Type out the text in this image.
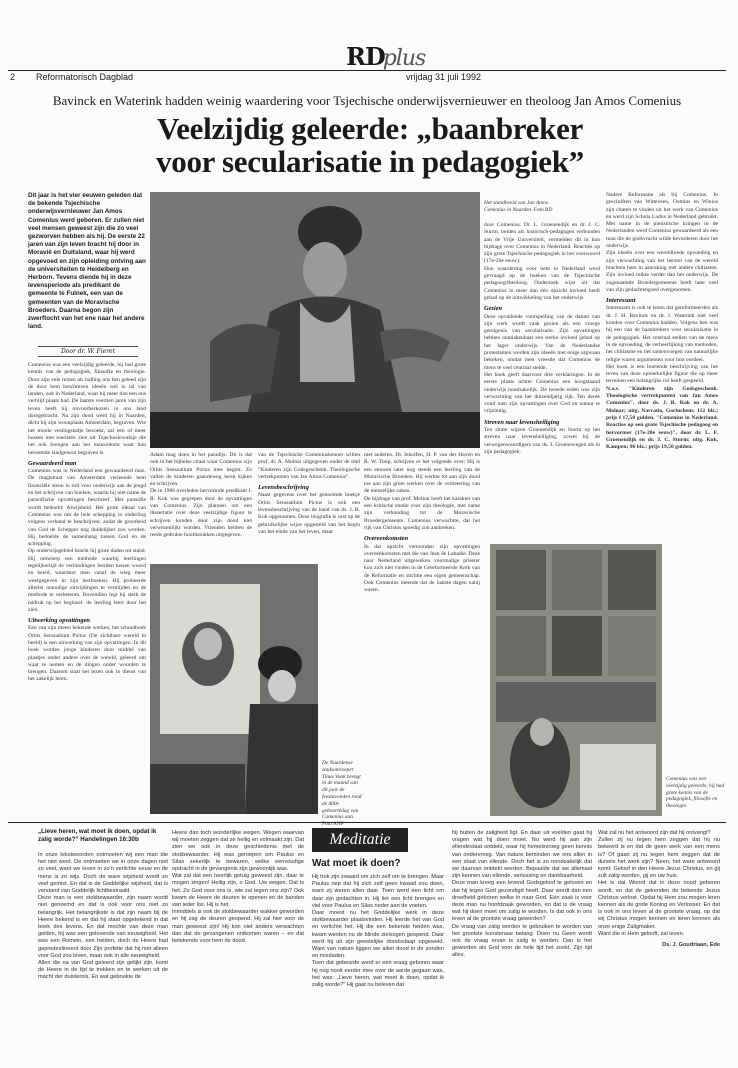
RDplus
2 Reformatorisch Dagblad	vrijdag 31 juli 1992
Bavinck en Waterink hadden weinig waardering voor Tsjechische onderwijsvernieuwer en theoloog Jan Amos Comenius
Veelzijdig geleerde: „baanbreker
voor secularisatie in pedagogiek”
Dit jaar is het vier eeuwen geleden dat de bekende Tsjechische onderwijsvernieuwer Jan Amos Comenius werd geboren. Er zullen niet veel mensen geweest zijn die zo veel gezworven hebben als hij. De eerste 22 jaren van zijn leven bracht hij door in Moravië en Duitsland, waar hij werd opgevoed en zijn opleiding ontving aan de universiteiten te Heidelberg en Herborn. Tevens diende hij in deze levensperiode als predikant de gemeente te Fulnek, een van de gemeenten van de Moravische Broeders. Daarna begon zijn zwerftocht van het ene naar het andere land.
Door dr. W. Fieret
Het standbeeld van Jan Amos Comenius in Naarden. Foto RD

Comenius was een veelzijdig geleerde, hij had grote kennis van de pedagogiek, filosofie en theologie. Door zijn vele reizen als balling ons ben geleed zijn de door hem beschreven ideeën wel in tal van landen, ook in Nederland, waar hij meer dan een ons verblijf plaats had. De laatste veertien jaren van zijn leven heeft hij onvoorberkozen in ons land doorgebracht. Na zijn dood werd hij in Naarden, dicht bij zijn woonplaats Amsterdam, begraven. Wie het mooie vestingstadje bezoekt, zal een of meer bussen met toeristen zien uit Tsjechoslowakije die het ook brengen aan het mausoleum waar hun beroemde landgenoot begraven is.

Gewaardeerd man

Comenius was in Nederland een gewaardeerd man. De magistraat van Amsterdam verleende hem financiële steun in ruil voor onderwijs aan de jeugd en het schrijven van boeken, waarin hij niet name de pansofische opvattingen beschreef. Met pansofie wordt bedoeld: Alwijsheid. Het grote ideaal van Comenius was om de hele schepping in onderling volgens verband te beschrijven, zodat de grootheid van God de Schepper nog duidelijker zou worden. Hij bedoelde de samenhang tussen God en de schepping.

Op onderwijsgebied bracht hij grote daden tot stand. Hij ontwierp een methode waarbij leerlingen tegelijkertijd de verbindingen leerden tussen woord en beeld, waardoor men vanaf de wieg meer weergegeven in zijn leerboeken. Hij probeerde allerlei onnodige uitwijdingen te vermijden en de methode te verbeteren. Bovendien legt hij sterk de nadruk op het beginsel: de leerling leert door het zien.

Uitwerking opvattingen

Een van zijn meest bekende werken, het schoolboek Orbis Sensualium Pictus (De zichtbare wereld in beeld) is een uitwerking van zijn opvattingen. In dit boek worden jonge kinderen door middel van plaatjes onder andere over de wereld, geleerd om waar te nemen en de dingen onder woorden te brengen. Daarom staat het lezen ook in dienst van het zakelijk leren.

Adam mag doen in het paradijs. Dit is dat ook in het bijbelse citaat waar Comenius zijn Orbis Sensualium Pictus mee begint. Zo vallen de kinderen gaandeweg leren kijken en schrijven.

De in 1986 overleden hervormde predikant J. R. Kok was gegrepen door de opvattingen van Comenius. Zijn plannen om een dissertatie over deze veelzijdige figuur te schrijven konden door zijn dood niet verwezenlijkt worden. Vrienden hebben de reeds gedrukte hoofdstukken uitgegeven.

van de Tsjechische Comeniuskenner willen prof. dr. A. Molnar uitgegeven onder de titel "Kinderen zijn Godsgeschenk. Theologische vertrekpunten van Jan Amos Comenius".

Levensbeschrijving

Naast gegevens over het genoemde boekje Orbis Sensualium Pictus is ook een levensbeschrijving van de hand van ds. J. R. Kok opgenomen. Deze biografie is rust op de gebruikelijke wijze opgesteld van het begin van het einde van het leven, maar

met anderen. Dr. Iekolfen, H. P. van der Haven en R. W. Toop, schrijven er het volgende over: Hij is een eeuwen later nog steeds een leerling van de Moravische Broeders. Hij werkte tot aan zijn dood toe aan zijn grote werken over de verbetering van de menselijke zaken.

De bijdrage van prof. Molnar heeft het karakter van een kritische studie over zijn theologie, met name zijn verhouding tot de Moravische Broedergemeente. Comenius verwachtte, dat het rijk van Christus spoedig zou aanbreken.

Overeenkomsten

In dat opzicht vertoonden zijn opvattingen overeenkomsten met die van Jean de Labadie. Deze naar Nederland uitgeweken voormalige priester kon zich niet vinden in de Gereformeerde Kerk van de Reformatie en stichtte een eigen gemeenschap. Ook Comenius meende dat de laatste dagen nabij waren.

De Naardense stadsomroeper Tinus Vonk brengt in de maand van dit jaar de feestavonden rond de 400e geboortedag van Comenius aan. Foto ANP

door Comenius. Dr. L. Groenendijk en dr. J. C. Sturm, beiden als historisch-pedagogen verbonden aan de Vrije Universiteit, vermelden dit in hun bijdrage over Comenius in Nederland. Reacties op zijn grote Tsjechische pedagogiek in het voorwoord (17e-20e eeuw).

Hun waardering voor hem in Nederland werd gevraagd op de boeken van de Tsjechische pedagoog/theoloog. Onderzoek wijst uit dat Comenius in meer dan één opzicht invloed heeft gehad op de ontwikkeling van het onderwijs.

Gezien

Deze opvallende voorspelling van de datum van zijn werk wordt vaak gezien als een vroege getuigenis van secularisatie. Zijn opvattingen hebben onmiskenbaar een sterke invloed gehad op het lager onderwijs. Van de Nederlandse protestanten werden zijn ideeën met enige argwaan bekeken, omdat men vreesde dat Comenius de mens te veel centraal stelde.

Het boek geeft daarvoor drie verklaringen. In de eerste plaats achtte Comenius een hoogstaand onderwijs noodzakelijk. De tweede reden was zijn verwachting van het duizendjarig rijk. Ten derde vond men zijn opvattingen over God en natuur te vrijzinnig.

Streven naar levensheiliging

Ten slotte wijzen Groenendijk en Sturm op het streven naar levensheiliging, zowel bij de verwegenwoordigers van ds. J. Groenewegen als in zijn pedagogiek.

Nadere Reformatie als bij Comenius. In geschriften van Witteveen, Oomius en Winius zijn citaten te vinden uit het werk van Comenius en werd zijn Schola Ludus in Nederland gebruikt. Met name in de pietistische kringen in de Nederlanden werd Comenius gewaardeerd als een man die de godsvrucht wilde bevorderen door het onderwijs.

Zijn ideeën over een wereldbrede opvoeding en zijn verwachting van het herstel van de wereld brachten hem in aanraking met andere chiliasten. Zijn invloed reikte verder dan het onderwijs. De zogenaamde Broedergemeente heeft later veel van zijn gedachtengoed overgenomen.

Interessant

Interessant is ook te lezen dat gereformeerden als dr. J. H. Bavinck en dr. J. Waterink niet veel konden voor Comenius hadden. Volgens hen was hij een van de baanbrekers voor secularisatie in de pedagogiek. Het centraal stellen van de mens in de opvoeding, de verheerlijking van methoden, het chiliasme en het samenvoegen van natuurlijke religie waren argumenten voor hun oordeel.

Het boek is een boeiende beschrijving van het leven van deze opmerkelijke figuur die op meer terreinen een belangrijke rol heeft gespeeld.

N.a.v. "Kinderen zijn Godsgeschenk. Theologische vertrekpunten van Jan Amos Comenius", door ds. J. R. Kok en dr. A. Molnar; uitg. Narratio, Gorinchem; 112 blz.; prijs f 17,50 gulden. "Comenius in Nederland. Reacties op een grote Tsjechische pedagoog en hervormer (17e-20e eeuw)", door dr. L. F. Groenendijk en dr. J. C. Sturm; uitg. Kok, Kampen; 96 blz.; prijs 19,50 gulden.

Comenius was een veelzijdig geleerde, hij had grote kennis van de pedagogiek, filosofie en theologie.
„Lieve heren, wat moet ik doen, opdat ik zalig worde?” Handelingen 16:30b	Meditatie
Wat moet ik doen?

In onze tekstwoorden ontmoeten wij een man die het niet weet. De ontmoeten we in onze dagen niet zo veel, want we leven in zo'n verlichte eeuw en de mens is zo wijs. Doch de ware wijsheid wordt zo veel gemist. En dat is de Goddelijke wijsheid, dat is verstand van Goddelijk lichtbestraald.

Deze man is een stokbewaarder, zijn naam wordt niet genoemd en dat is ook voor ons niet zo belangrijk. Het belangrijkste is dat zijn naam bij de Heere bekend is en dat hij staat opgetekend in dat boek des levens. En dat mochte van deze man gelden, hij was een gelovende van eeuwigheid. Het was een Romein, een heiden, doch de Heere had gepredestineerd door Zijn profetie dat hij niet alleen voor God zou leven, maar ook in alle eeuwigheid.

Allen die na van God geleerd zijn gelijkt zijn, komt de Heere in de tijd te trekken en te werken uit de macht der duisternis. En wat gebruikte de

Heere dan toch wonderlijke wegen. Wegen waarvan wij moeten zeggen dat ze heilig en volmaakt zijn. Dat zien we ook in deze geschiedenis met de stokbewaarder. Hij was geroepen om Paulus en Silas zekerlijk te bewaren, welke eenvoudige opdracht in de gevangenis zijn gewoonlijk was.

Wat zal dat een heerlijk getuig geweest zijn, daar te mogen zingen! Heilig zijn, o God. Uw wegen. Dat is het. Zo God voor ons is, wie zal tegen ons zijn? Ook kwam de Heere de deuren te openen en de banden van ieder los. Hij is het.

Inmiddels is ook de stokbewaarder wakker geworden en hij zag de deuren geopend. Hij zal hier voor de man geweest zijn! Hij kon niet anders verwachten dan dat de gevangenen ontkomen waren – en dat betekende voor hem de dood.

Hij trok zijn zwaard om zich zelf om te brengen. Maar Paulus riep dat hij zich zelf geen kwaad zou doen, want zij waren allen daar. Toen werd een licht om daar zijn gedachten in. Hij liet een licht brengen en viel voor Paulus en Silas neder aan de voeten.

Daar moest nu het Goddelijke werk in deze stokbewaarder plaatsvinden. Hij leerde het van God en verlichte het. Hij die een bekende heiden was, kwam werden nu de blinde zielsogen geopend. Daar werd hij uit zijn geestelijke doodsslaap opgewekt. Want van nature liggen we allen dood in de zonden en misdaden.

Toen dat gebeurde werd er een vraag geboren waar hij nog nooit eerder mee over de aarde gegaan was, het was: „Lieve heren, wat moet ik doen, opdat ik zalig worde?” Hij gaat nu beleven dat

hij buiten de zaligheid ligt. En daar uit voelden gaat hij vragen wat hij doen moet. Nu werd hij aan zijn ellendestaat ontdekt, waar hij hemelsvroeg geen kennis van ondervroeg. Van nature beminden we ons allen in een staat van ellende. Doch het is zo noodzakelijk dat we daarvan ontdekt worden. Bepaalde dat we allemaal zijn kennen van ellende, verlossing en dankbaarheid.

Deze man kreeg een levend Godsgeloof te geloven en dat hij tegen God gezondigd heeft. Daar wordt dan een droefheid geboren welke in naar God. Eén zaak is voor deze man nu hoofdzaak geworden, en dat is de vraag wat hij doen moet om zalig te worden. Is dat ook in ons leven al de grootste vraag geworden?

De vraag van zalig worden te gebruiken te worden van het grootste kunstenaar belang. Doen nu Geen wordt ook de vraag ervan is zalig te worden. Dan is het geworden als God voor de hele tijd het zoekt, Zijn tijd alles.

Wat zal nu het antwoord zijn dat hij ontvangt?

Zullen zij nu tegen hem zeggen dat hij nu bekeerd is en dat de geen werk van een mens is? Of gaan zij nu tegen hem zeggen dat de duivels het werk zijn? Neen, het ware antwoord komt: Geloof in den Heere Jezus Christus, en gij zult zalig worden, gij en uw huis.

Het is dat Woord dat in deze nood geboren wordt, en dat de gekenden de bekende Jezus Christus verlost. Opdat hij Hem zou mogen leren kennen als de grote Koning en Verlosser. En dat is ook in ons leven al de grootste vraag, op dat wij Christus mogen kennen en leren kennen als onze enige Zaligmaker.

Want die in Hem gelooft, zal leven.

Ds. J. Goudriaan, Ede
